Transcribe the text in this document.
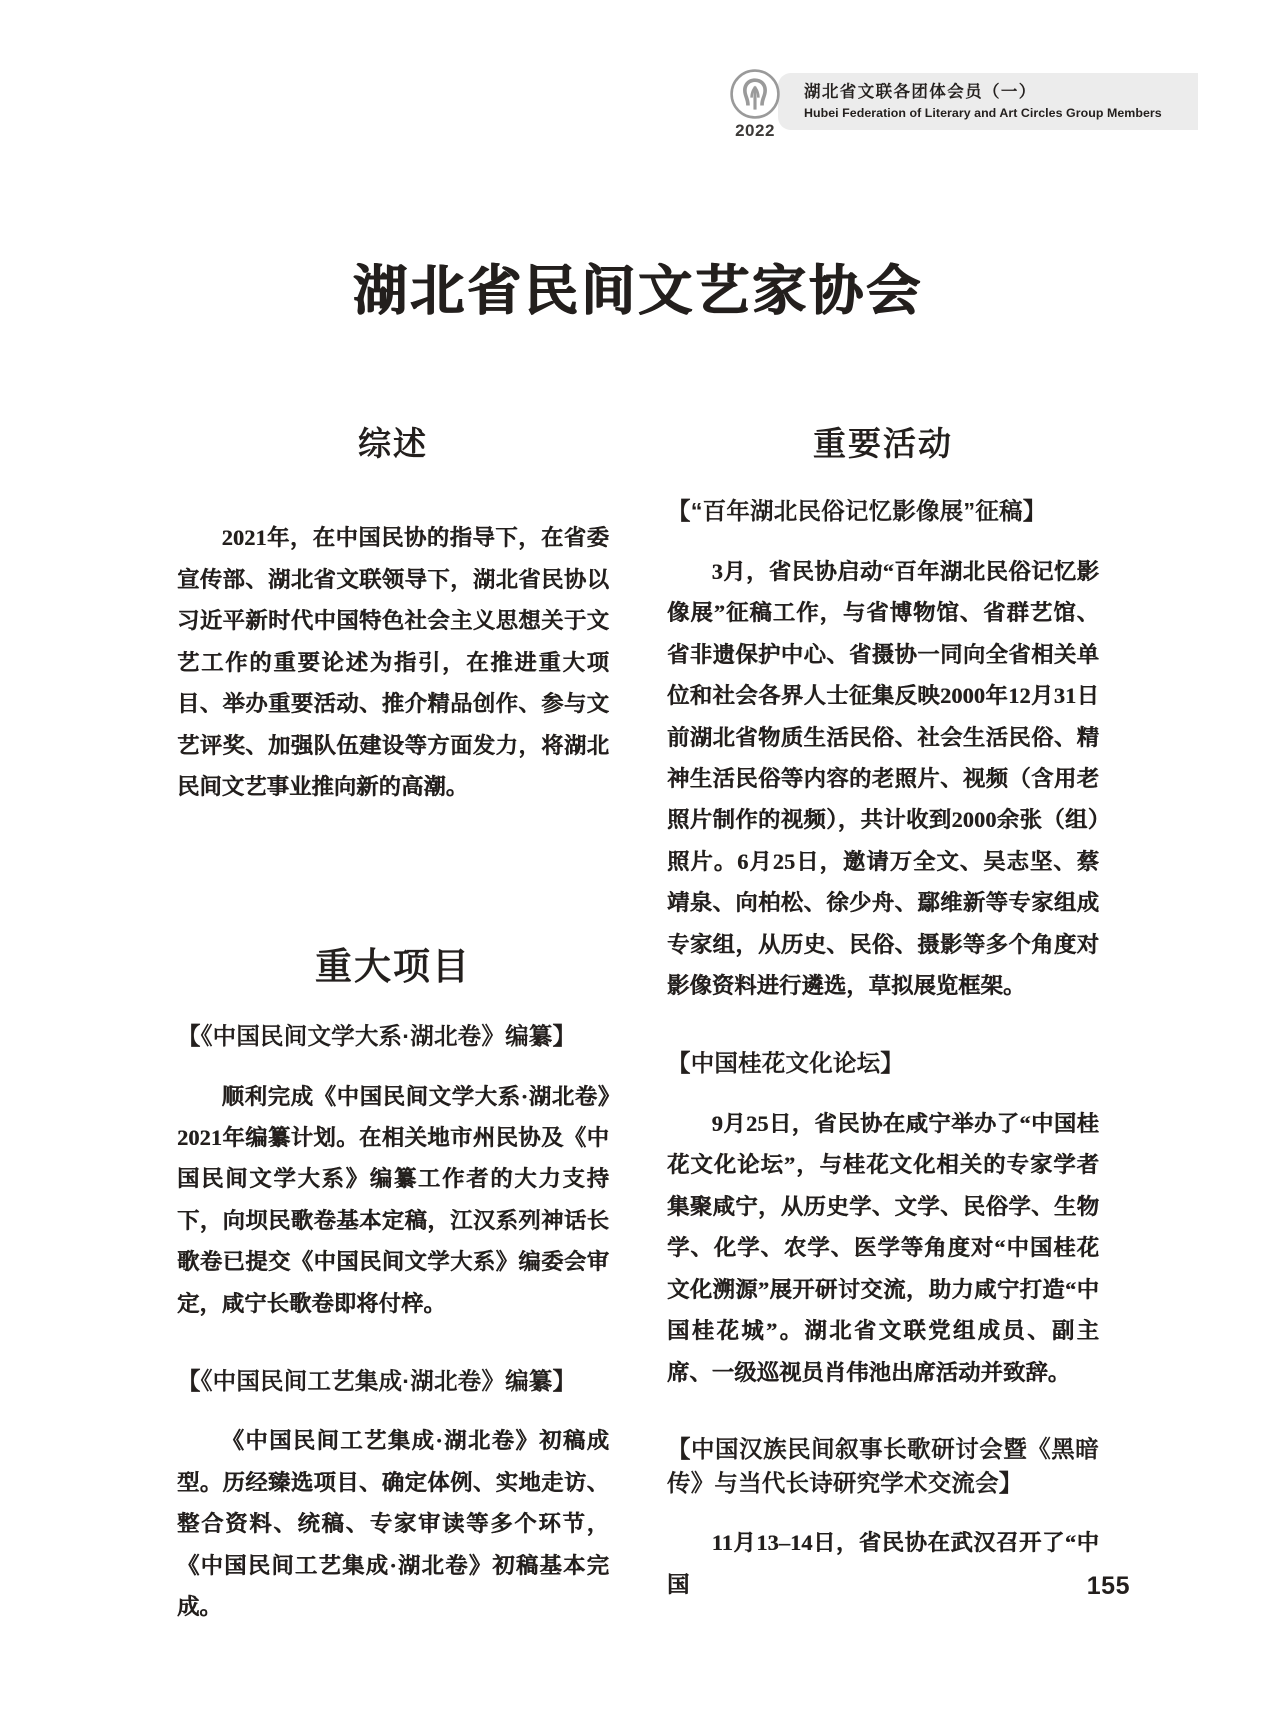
2022
湖北省文联各团体会员（一）
Hubei Federation of Literary and Art Circles Group Members
湖北省民间文艺家协会
综述

2021年，在中国民协的指导下，在省委宣传部、湖北省文联领导下，湖北省民协以习近平新时代中国特色社会主义思想关于文艺工作的重要论述为指引，在推进重大项目、举办重要活动、推介精品创作、参与文艺评奖、加强队伍建设等方面发力，将湖北民间文艺事业推向新的高潮。

重大项目
【《中国民间文学大系·湖北卷》编纂】

顺利完成《中国民间文学大系·湖北卷》2021年编纂计划。在相关地市州民协及《中国民间文学大系》编纂工作者的大力支持下，向坝民歌卷基本定稿，江汉系列神话长歌卷已提交《中国民间文学大系》编委会审定，咸宁长歌卷即将付梓。

【《中国民间工艺集成·湖北卷》编纂】

《中国民间工艺集成·湖北卷》初稿成型。历经臻选项目、确定体例、实地走访、整合资料、统稿、专家审读等多个环节，《中国民间工艺集成·湖北卷》初稿基本完成。

重要活动
【“百年湖北民俗记忆影像展”征稿】

3月，省民协启动“百年湖北民俗记忆影像展”征稿工作，与省博物馆、省群艺馆、省非遗保护中心、省摄协一同向全省相关单位和社会各界人士征集反映2000年12月31日前湖北省物质生活民俗、社会生活民俗、精神生活民俗等内容的老照片、视频（含用老照片制作的视频），共计收到2000余张（组）照片。6月25日，邀请万全文、吴志坚、蔡靖泉、向柏松、徐少舟、鄢维新等专家组成专家组，从历史、民俗、摄影等多个角度对影像资料进行遴选，草拟展览框架。

【中国桂花文化论坛】

9月25日，省民协在咸宁举办了“中国桂花文化论坛”，与桂花文化相关的专家学者集聚咸宁，从历史学、文学、民俗学、生物学、化学、农学、医学等角度对“中国桂花文化溯源”展开研讨交流，助力咸宁打造“中国桂花城”。湖北省文联党组成员、副主席、一级巡视员肖伟池出席活动并致辞。

【中国汉族民间叙事长歌研讨会暨《黑暗传》与当代长诗研究学术交流会】

11月13–14日，省民协在武汉召开了“中国	155
